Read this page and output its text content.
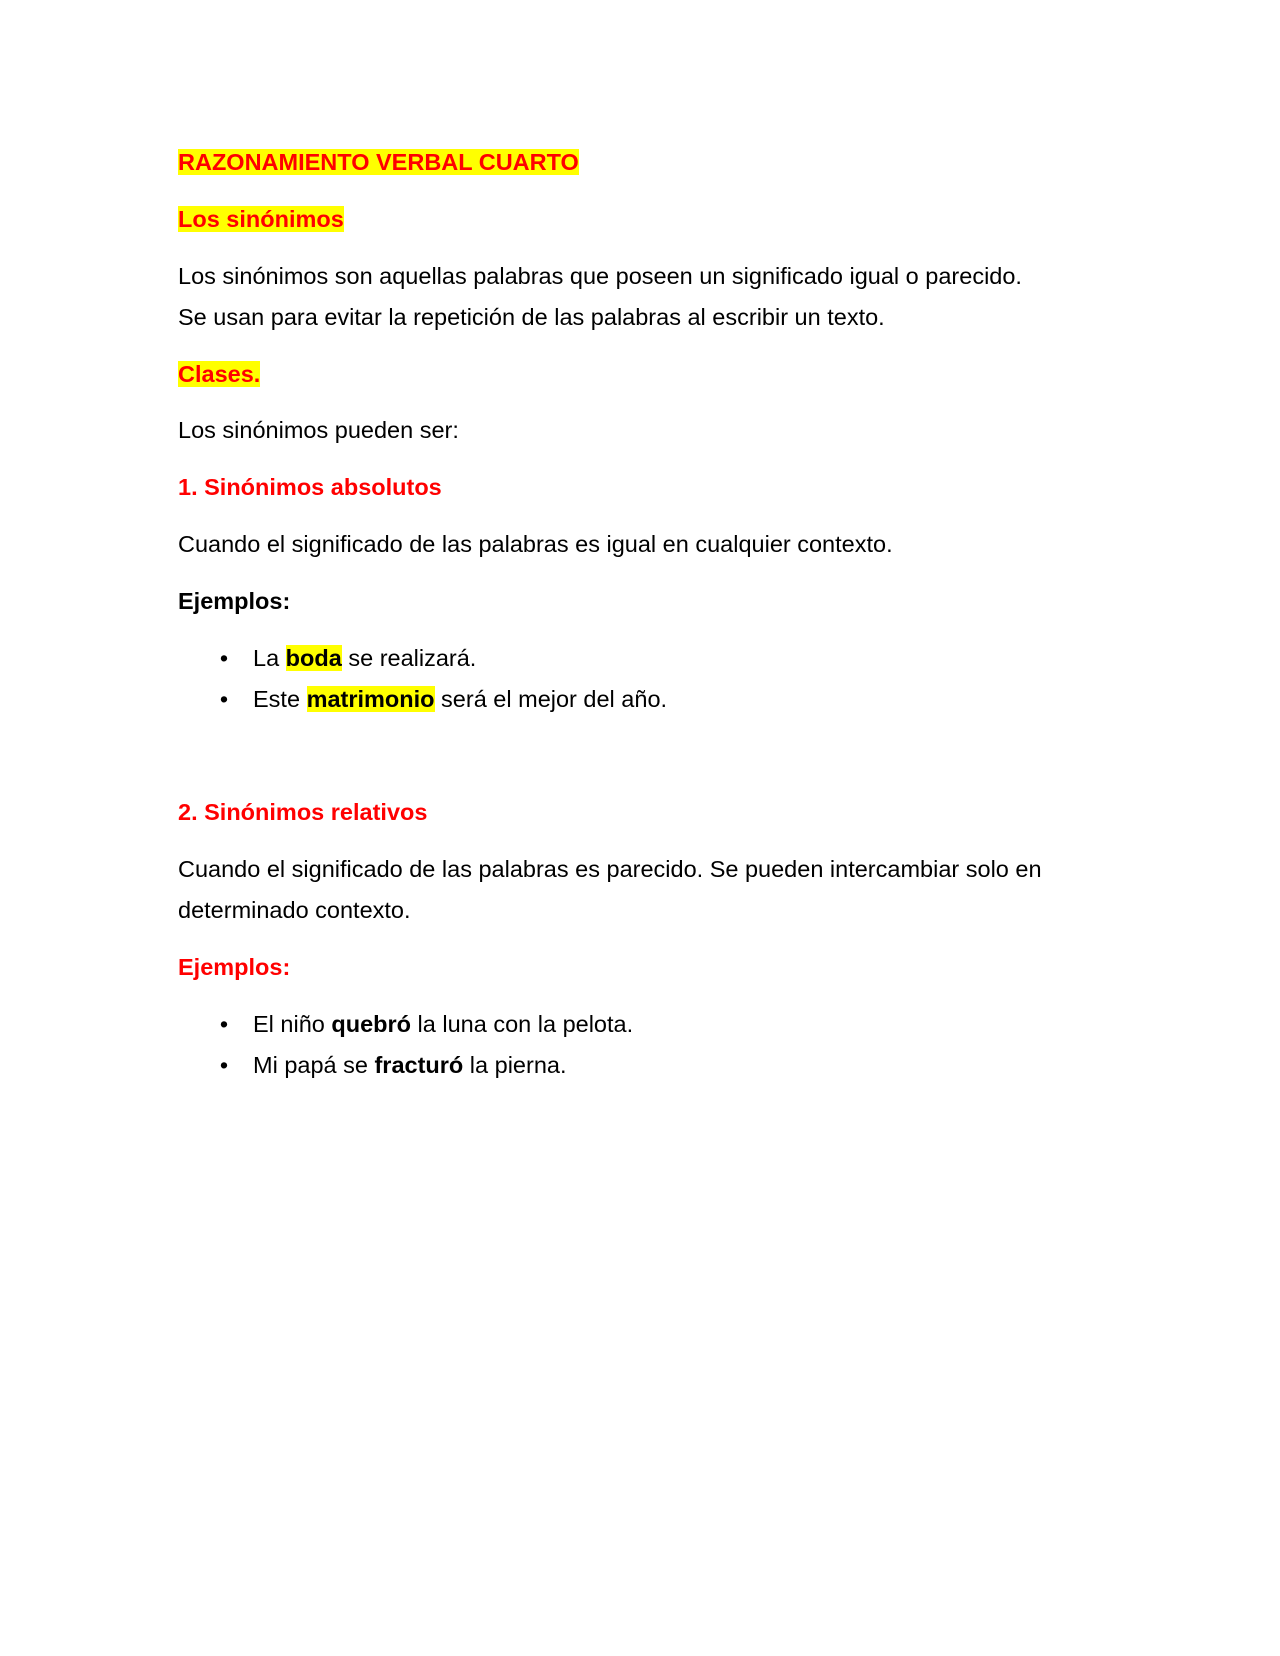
RAZONAMIENTO VERBAL CUARTO
Los sinónimos
Los sinónimos son aquellas palabras que poseen un significado igual o parecido.
Se usan para evitar la repetición de las palabras al escribir un texto.
Clases.
Los sinónimos pueden ser:
1. Sinónimos absolutos
Cuando el significado de las palabras es igual en cualquier contexto.
Ejemplos:
• La boda se realizará.
• Este matrimonio será el mejor del año.
2. Sinónimos relativos
Cuando el significado de las palabras es parecido. Se pueden intercambiar solo en
determinado contexto.
Ejemplos:
• El niño quebró la luna con la pelota.
• Mi papá se fracturó la pierna.
